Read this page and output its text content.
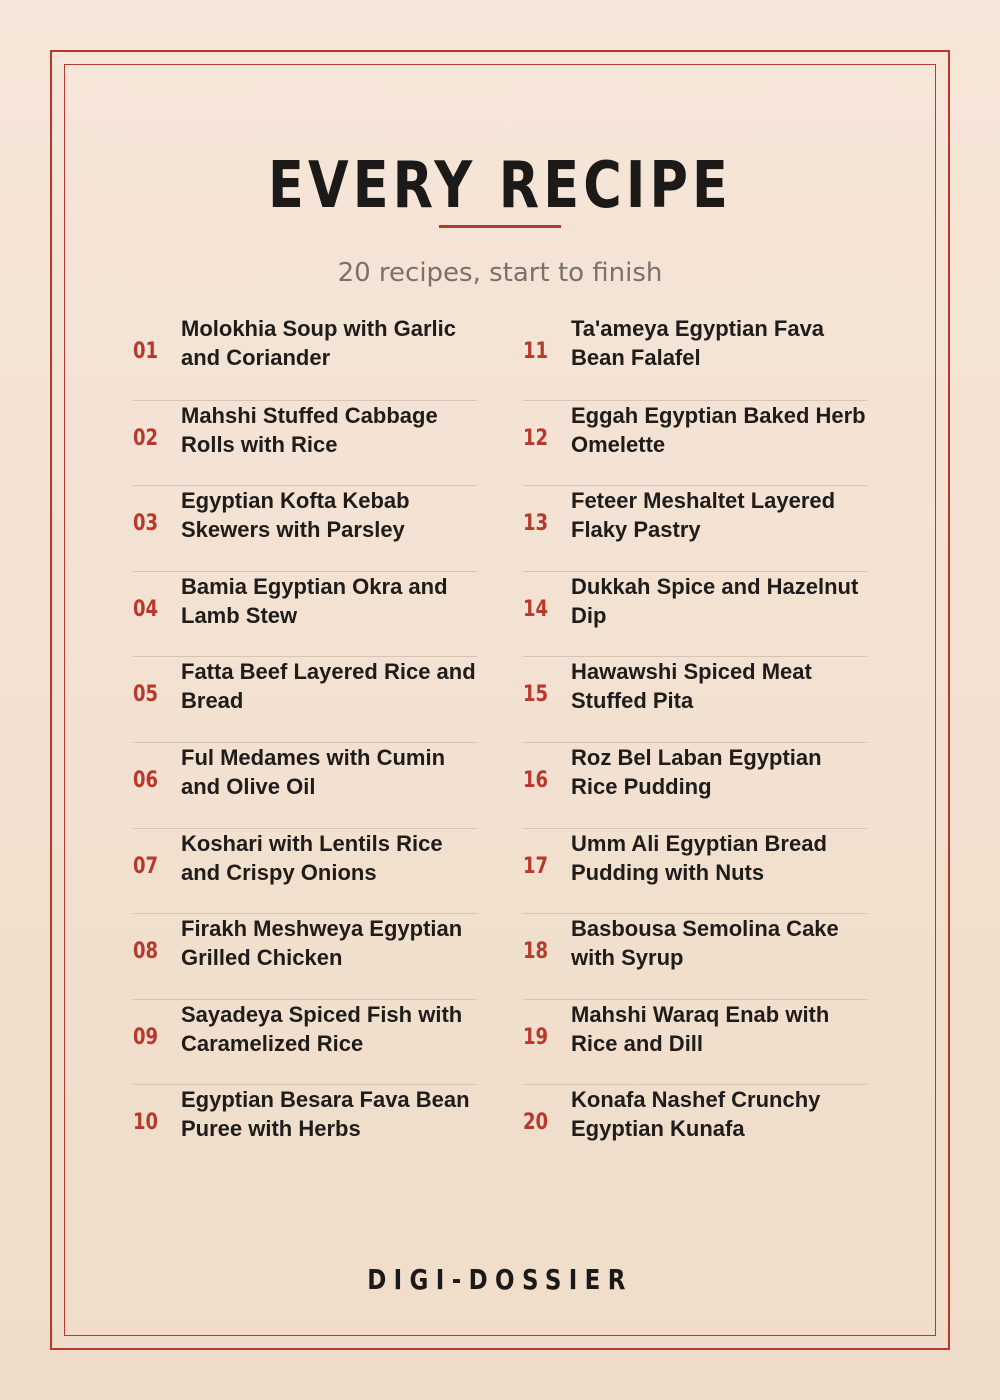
EVERY RECIPE
20 recipes, start to finish
01
Molokhia Soup with Garlic and Coriander
02
Mahshi Stuffed Cabbage Rolls with Rice
03
Egyptian Kofta Kebab Skewers with Parsley
04
Bamia Egyptian Okra and Lamb Stew
05
Fatta Beef Layered Rice and Bread
06
Ful Medames with Cumin and Olive Oil
07
Koshari with Lentils Rice and Crispy Onions
08
Firakh Meshweya Egyptian Grilled Chicken
09
Sayadeya Spiced Fish with Caramelized Rice
10
Egyptian Besara Fava Bean Puree with Herbs
11
Ta'ameya Egyptian Fava Bean Falafel
12
Eggah Egyptian Baked Herb Omelette
13
Feteer Meshaltet Layered Flaky Pastry
14
Dukkah Spice and Hazelnut Dip
15
Hawawshi Spiced Meat Stuffed Pita
16
Roz Bel Laban Egyptian Rice Pudding
17
Umm Ali Egyptian Bread Pudding with Nuts
18
Basbousa Semolina Cake with Syrup
19
Mahshi Waraq Enab with Rice and Dill
20
Konafa Nashef Crunchy Egyptian Kunafa
DIGI-DOSSIER
